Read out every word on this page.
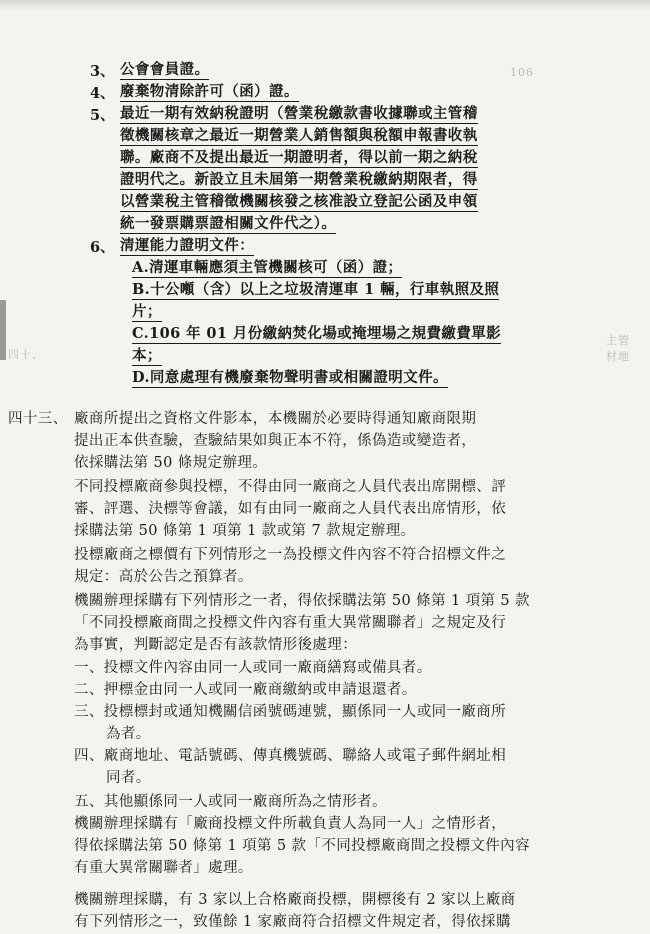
106
四十、
主管
材地
3、 公會會員證。
4、 廢棄物清除許可（函）證。
5、 最近一期有效納稅證明（營業稅繳款書收據聯或主管稽
徵機關核章之最近一期營業人銷售額與稅額申報書收執
聯。廠商不及提出最近一期證明者，得以前一期之納稅
證明代之。新設立且未屆第一期營業稅繳納期限者，得
以營業稅主管稽徵機關核發之核准設立登記公函及申領
統一發票購票證相關文件代之）。
6、 清運能力證明文件：
A.清運車輛應須主管機關核可（函）證；
B.十公噸（含）以上之垃圾清運車 1 輛，行車執照及照
片；
C.106 年 01 月份繳納焚化場或掩埋場之規費繳費單影
本；
D.同意處理有機廢棄物聲明書或相關證明文件。
四十三、 廠商所提出之資格文件影本，本機關於必要時得通知廠商限期
提出正本供查驗，查驗結果如與正本不符，係偽造或變造者，
依採購法第 50 條規定辦理。
不同投標廠商參與投標，不得由同一廠商之人員代表出席開標、評
審、評選、決標等會議，如有由同一廠商之人員代表出席情形，依
採購法第 50 條第 1 項第 1 款或第 7 款規定辦理。
投標廠商之標價有下列情形之一為投標文件內容不符合招標文件之
規定：高於公告之預算者。
機關辦理採購有下列情形之一者，得依採購法第 50 條第 1 項第 5 款
「不同投標廠商間之投標文件內容有重大異常關聯者」之規定及行
為事實，判斷認定是否有該款情形後處理：
一、投標文件內容由同一人或同一廠商繕寫或備具者。
二、押標金由同一人或同一廠商繳納或申請退還者。
三、投標標封或通知機關信函號碼連號，顯係同一人或同一廠商所
為者。
四、廠商地址、電話號碼、傳真機號碼、聯絡人或電子郵件網址相
同者。
五、其他顯係同一人或同一廠商所為之情形者。
機關辦理採購有「廠商投標文件所載負責人為同一人」之情形者，
得依採購法第 50 條第 1 項第 5 款「不同投標廠商間之投標文件內容
有重大異常關聯者」處理。
機關辦理採購，有 3 家以上合格廠商投標，開標後有 2 家以上廠商
有下列情形之一，致僅餘 1 家廠商符合招標文件規定者，得依採購
